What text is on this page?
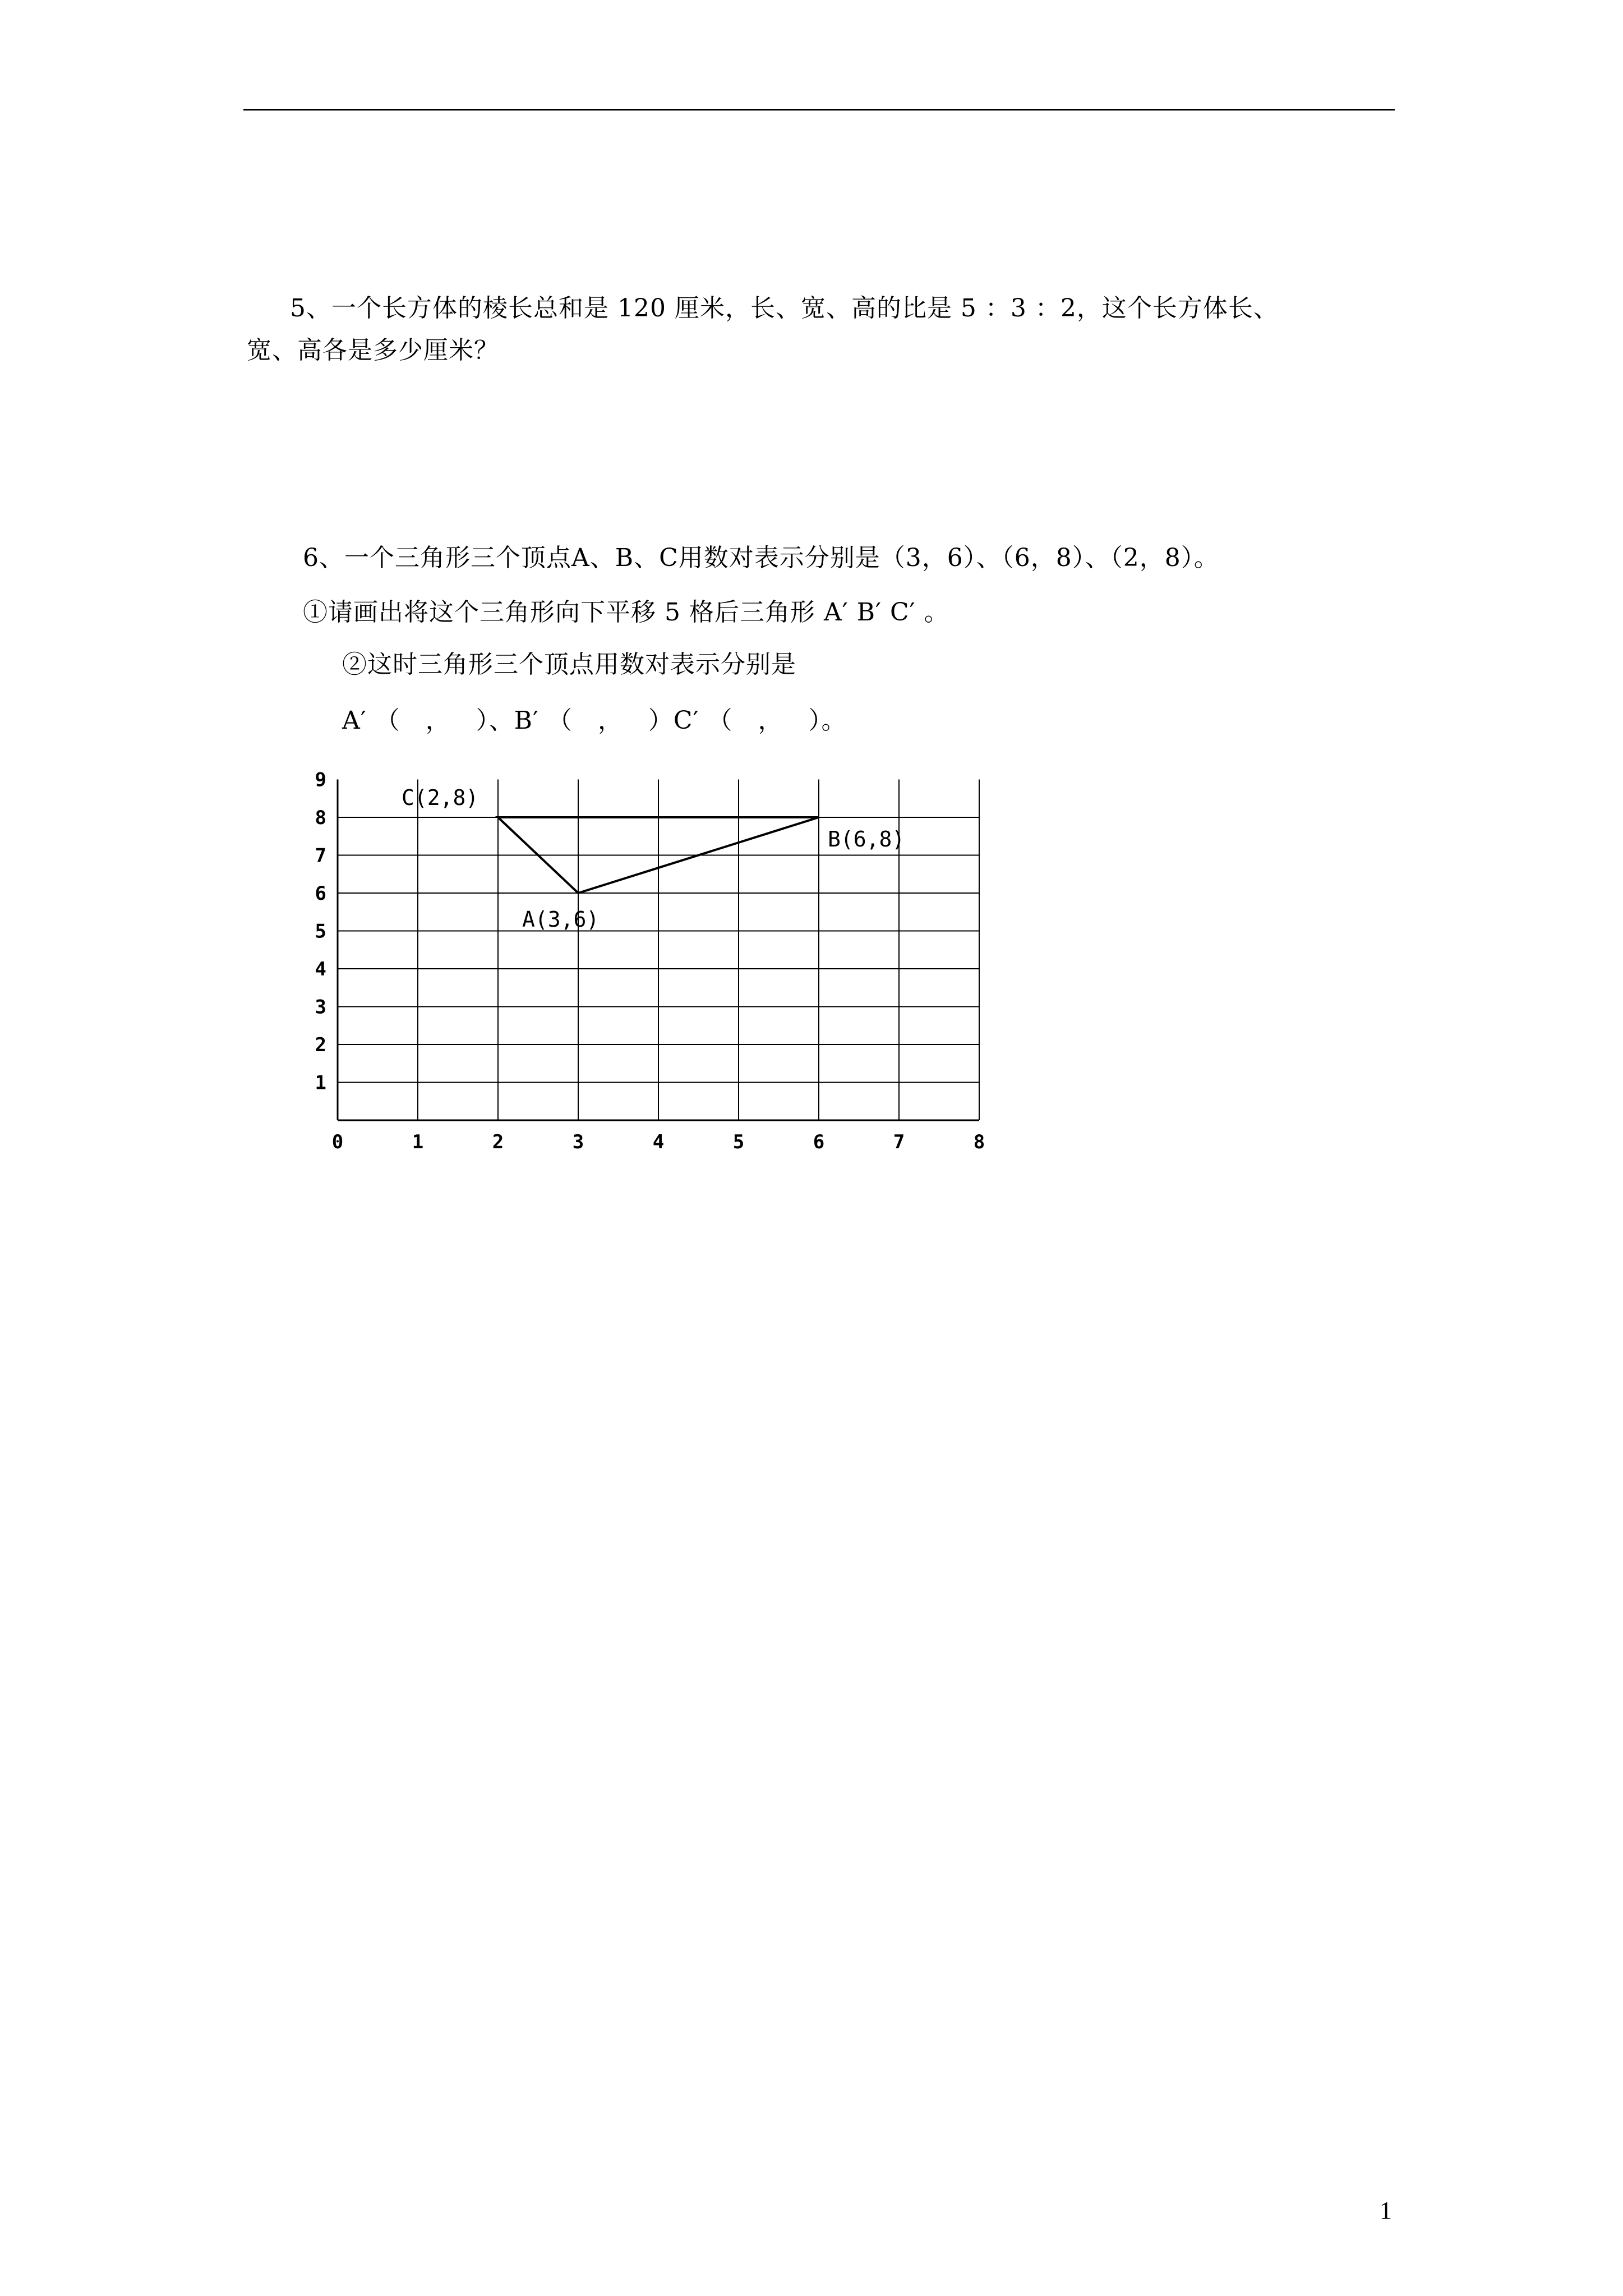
5、一个长方体的棱长总和是 120 厘米，长、宽、高的比是 5 ：3 ：2，这个长方体长、
宽、高各是多少厘米？
6、一个三角形三个顶点A、B、C用数对表示分别是（3，6）、（6，8）、（2，8）。
①请画出将这个三角形向下平移 5 格后三角形 A′ B′ C′ 。
②这时三角形三个顶点用数对表示分别是
A′ （   ，   ）、B′ （   ，   ）C′ （   ，   ）。
0	1	2	3	4	5	6	7	8
1
2
3
4
5
6
7
8
9
C(2,8)
B(6,8)
A(3,6)
1
